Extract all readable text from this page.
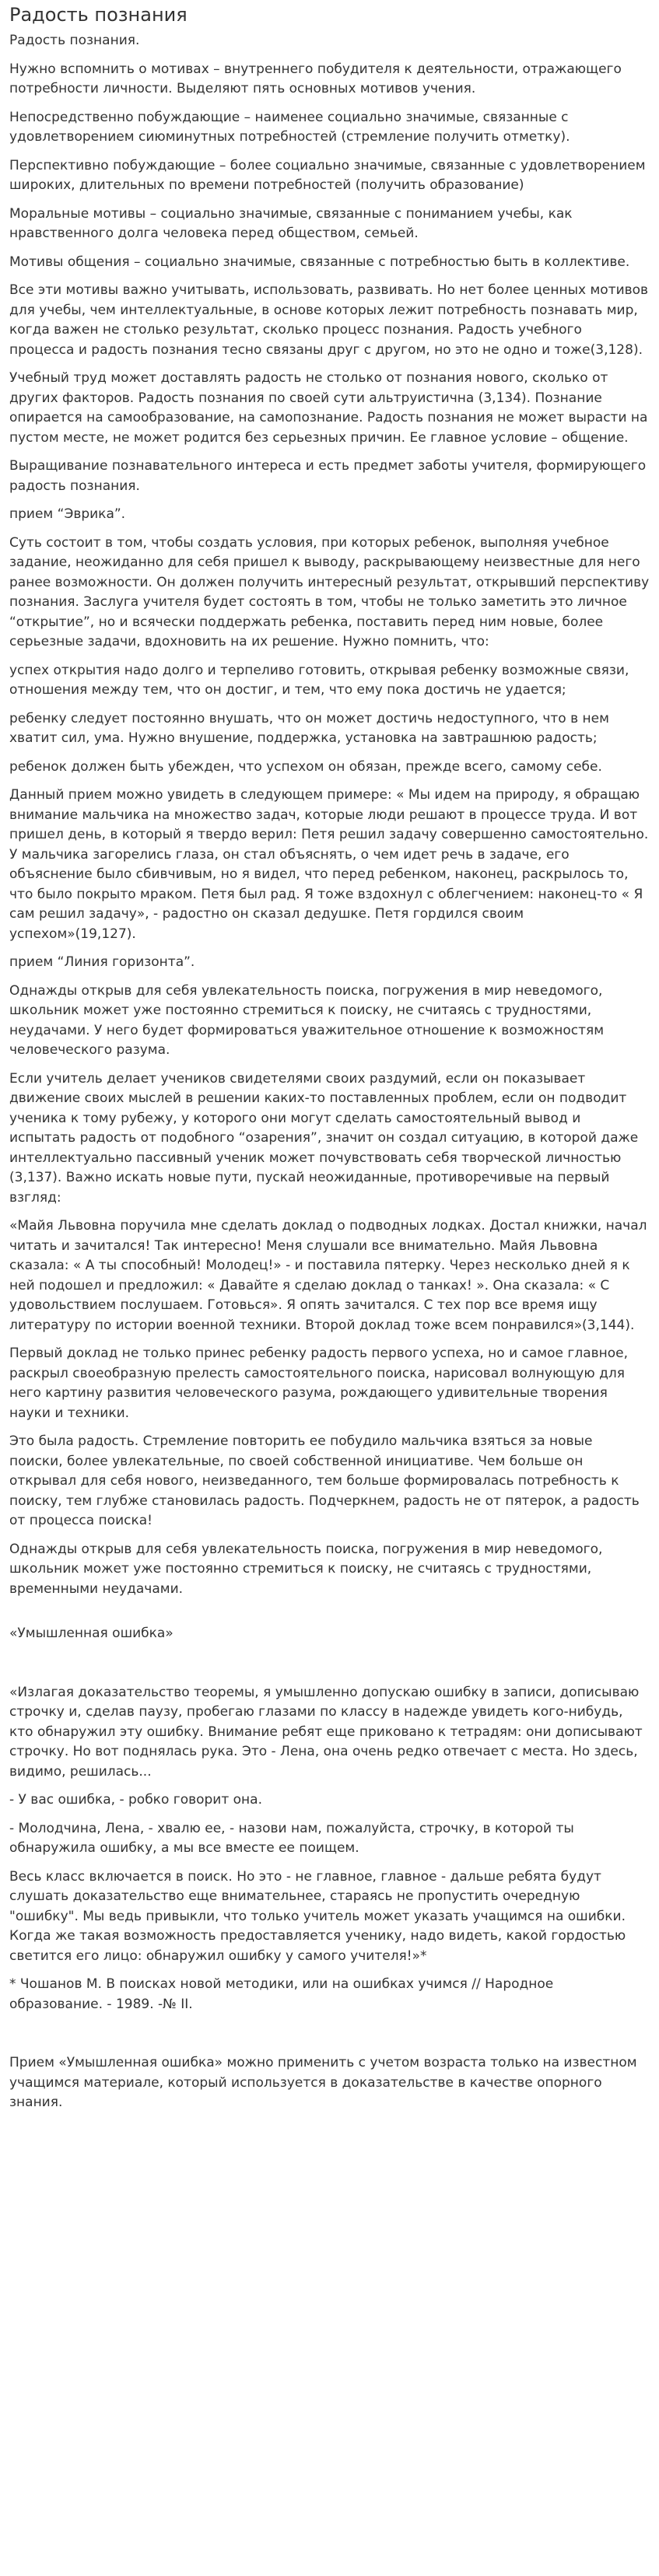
Радость познания

Радость познания.

Нужно вспомнить о мотивах – внутреннего побудителя к деятельности, отражающего потребности личности. Выделяют пять основных мотивов учения.

Непосредственно побуждающие – наименее социально значимые, связанные с удовлетворением сиюминутных потребностей (стремление получить отметку).

Перспективно побуждающие – более социально значимые, связанные с удовлетворением широких, длительных по времени потребностей (получить образование)

Моральные мотивы – социально значимые, связанные с пониманием учебы, как нравственного долга человека перед обществом, семьей.

Мотивы общения – социально значимые, связанные с потребностью быть в коллективе.

Все эти мотивы важно учитывать, использовать, развивать. Но нет более ценных мотивов для учебы, чем интеллектуальные, в основе которых лежит потребность познавать мир, когда важен не столько результат, сколько процесс познания. Радость учебного процесса и радость познания тесно связаны друг с другом, но это не одно и тоже(3,128).

Учебный труд может доставлять радость не столько от познания нового, сколько от других факторов. Радость познания по своей сути альтруистична (3,134). Познание опирается на самообразование, на самопознание. Радость познания не может вырасти на пустом месте, не может родится без серьезных причин. Ее главное условие – общение.

Выращивание познавательного интереса и есть предмет заботы учителя, формирующего радость познания.

прием “Эврика”.

Суть состоит в том, чтобы создать условия, при которых ребенок, выполняя учебное задание, неожиданно для себя пришел к выводу, раскрывающему неизвестные для него ранее возможности. Он должен получить интересный результат, открывший перспективу познания. Заслуга учителя будет состоять в том, чтобы не только заметить это личное “открытие”, но и всячески поддержать ребенка, поставить перед ним новые, более серьезные задачи, вдохновить на их решение. Нужно помнить, что:

успех открытия надо долго и терпеливо готовить, открывая ребенку возможные связи, отношения между тем, что он достиг, и тем, что ему пока достичь не удается;

ребенку следует постоянно внушать, что он может достичь недоступного, что в нем хватит сил, ума. Нужно внушение, поддержка, установка на завтрашнюю радость;

ребенок должен быть убежден, что успехом он обязан, прежде всего, самому себе.

Данный прием можно увидеть в следующем примере: « Мы идем на природу, я обращаю внимание мальчика на множество задач, которые люди решают в процессе труда. И вот пришел день, в который я твердо верил: Петя решил задачу совершенно самостоятельно. У мальчика загорелись глаза, он стал объяснять, о чем идет речь в задаче, его объяснение было сбивчивым, но я видел, что перед ребенком, наконец, раскрылось то, что было покрыто мраком. Петя был рад. Я тоже вздохнул с облегчением: наконец-то « Я сам решил задачу», - радостно он сказал дедушке. Петя гордился своим успехом»(19,127).

прием “Линия горизонта”.

Однажды открыв для себя увлекательность поиска, погружения в мир неведомого, школьник может уже постоянно стремиться к поиску, не считаясь с трудностями, неудачами. У него будет формироваться уважительное отношение к возможностям человеческого разума.

Если учитель делает учеников свидетелями своих раздумий, если он показывает движение своих мыслей в решении каких-то поставленных проблем, если он подводит ученика к тому рубежу, у которого они могут сделать самостоятельный вывод и испытать радость от подобного “озарения”, значит он создал ситуацию, в которой даже интеллектуально пассивный ученик может почувствовать себя творческой личностью (3,137). Важно искать новые пути, пускай неожиданные, противоречивые на первый взгляд:

«Майя Львовна поручила мне сделать доклад о подводных лодках. Достал книжки, начал читать и зачитался! Так интересно! Меня слушали все внимательно. Майя Львовна сказала: « А ты способный! Молодец!» - и поставила пятерку. Через несколько дней я к ней подошел и предложил: « Давайте я сделаю доклад о танках! ». Она сказала: « С удовольствием послушаем. Готовься». Я опять зачитался. С тех пор все время ищу литературу по истории военной техники. Второй доклад тоже всем понравился»(3,144).

Первый доклад не только принес ребенку радость первого успеха, но и самое главное, раскрыл своеобразную прелесть самостоятельного поиска, нарисовал волнующую для него картину развития человеческого разума, рождающего удивительные творения науки и техники.

Это была радость. Стремление повторить ее побудило мальчика взяться за новые поиски, более увлекательные, по своей собственной инициативе. Чем больше он открывал для себя нового, неизведанного, тем больше формировалась потребность к поиску, тем глубже становилась радость. Подчеркнем, радость не от пятерок, а радость от процесса поиска!

Однажды открыв для себя увлекательность поиска, погружения в мир неведомого, школьник может уже постоянно стремиться к поиску, не считаясь с трудностями, временными неудачами.

«Умышленная ошибка»

«Излагая доказательство теоремы, я умышленно допускаю ошибку в записи, дописываю строчку и, сделав паузу, пробегаю глазами по классу в надежде увидеть кого-нибудь, кто обнаружил эту ошибку. Внимание ребят еще приковано к тетрадям: они дописывают строчку. Но вот поднялась рука. Это - Лена, она очень редко отвечает с места. Но здесь, видимо, решилась...

- У вас ошибка, - робко говорит она.

- Молодчина, Лена, - хвалю ее, - назови нам, пожалуйста, строчку, в которой ты обнаружила ошибку, а мы все вместе ее поищем.

Весь класс включается в поиск. Но это - не главное, главное - дальше ребята будут слушать доказательство еще внимательнее, стараясь не пропустить очередную "ошибку". Мы ведь привыкли, что только учитель может указать учащимся на ошибки. Когда же такая возможность предоставляется ученику, надо видеть, какой гордостью светится его лицо: обнаружил ошибку у самого учителя!»*

* Чошанов М. В поисках новой методики, или на ошибках учимся // Народное образование. - 1989. -№ II.

Прием «Умышленная ошибка» можно применить с учетом возраста только на известном учащимся материале, который используется в доказательстве в качестве опорного знания.
